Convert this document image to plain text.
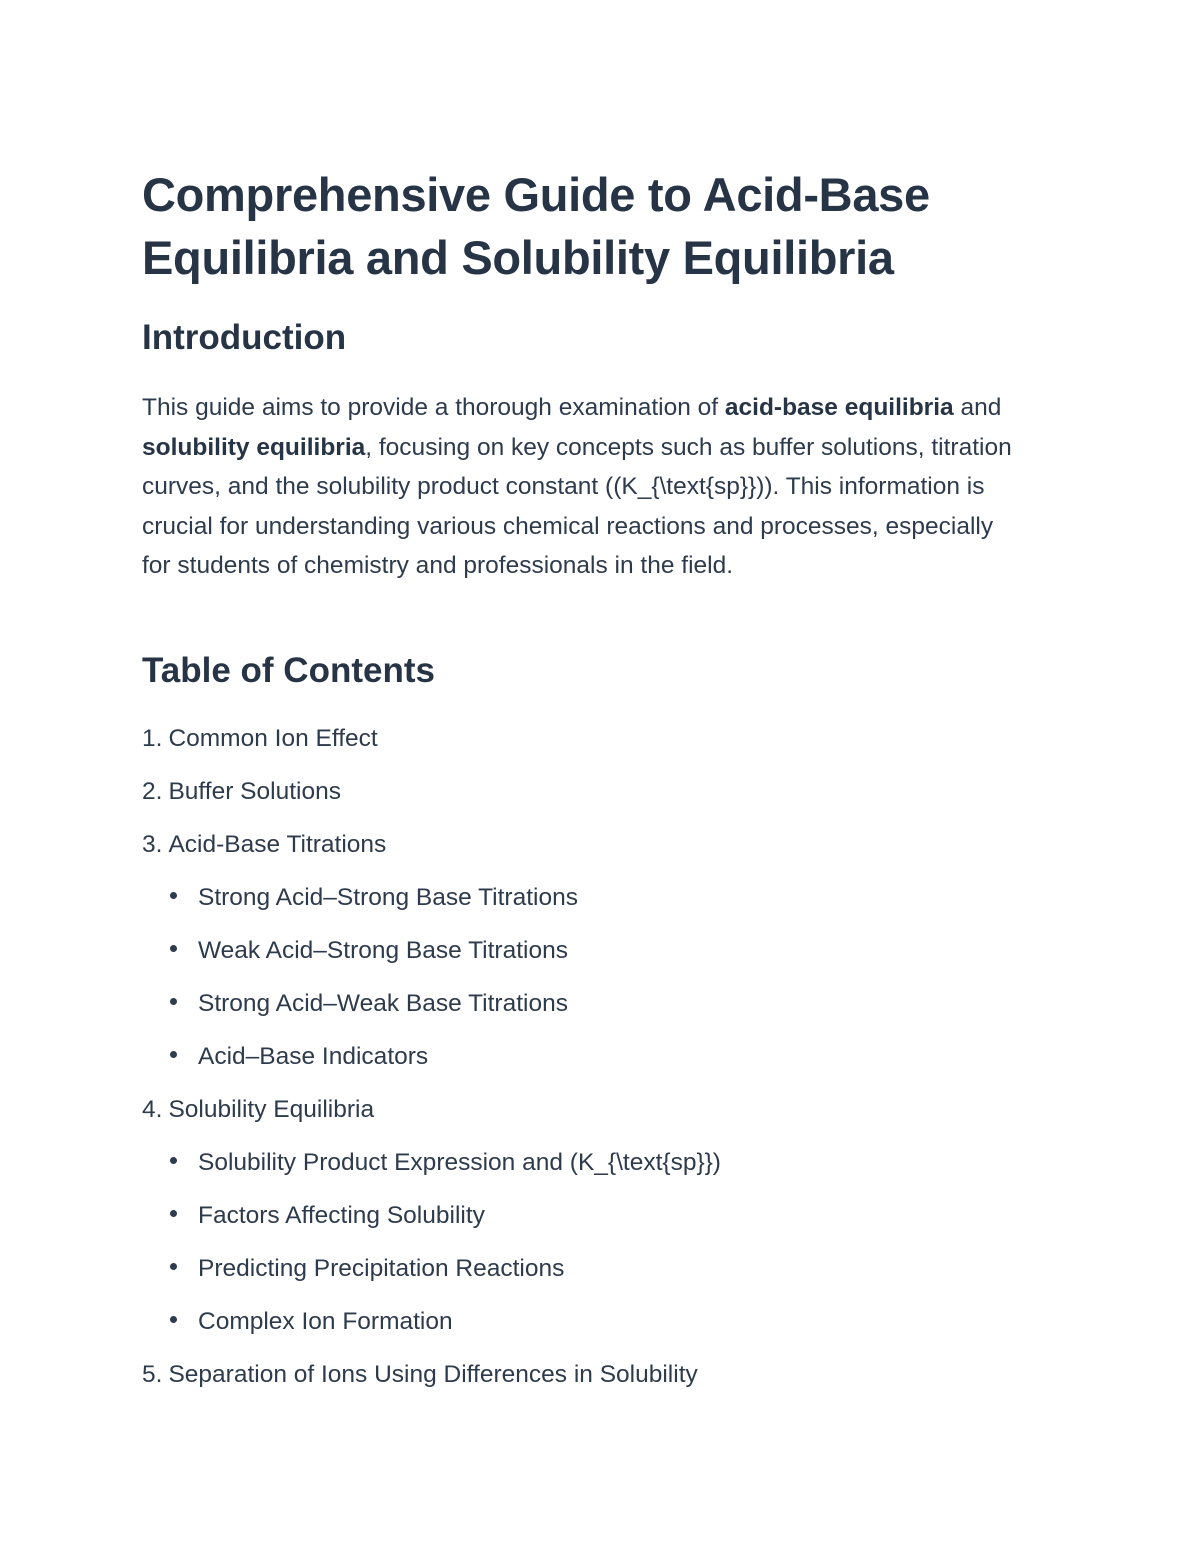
Comprehensive Guide to Acid-Base Equilibria and Solubility Equilibria
Introduction

This guide aims to provide a thorough examination of acid-base equilibria and solubility equilibria, focusing on key concepts such as buffer solutions, titration curves, and the solubility product constant ((K_{\text{sp}})). This information is crucial for understanding various chemical reactions and processes, especially for students of chemistry and professionals in the field.

Table of Contents
1. Common Ion Effect
2. Buffer Solutions
3. Acid-Base Titrations
Strong Acid–Strong Base Titrations
Weak Acid–Strong Base Titrations
Strong Acid–Weak Base Titrations
Acid–Base Indicators
4. Solubility Equilibria
Solubility Product Expression and (K_{\text{sp}})
Factors Affecting Solubility
Predicting Precipitation Reactions
Complex Ion Formation
5. Separation of Ions Using Differences in Solubility
